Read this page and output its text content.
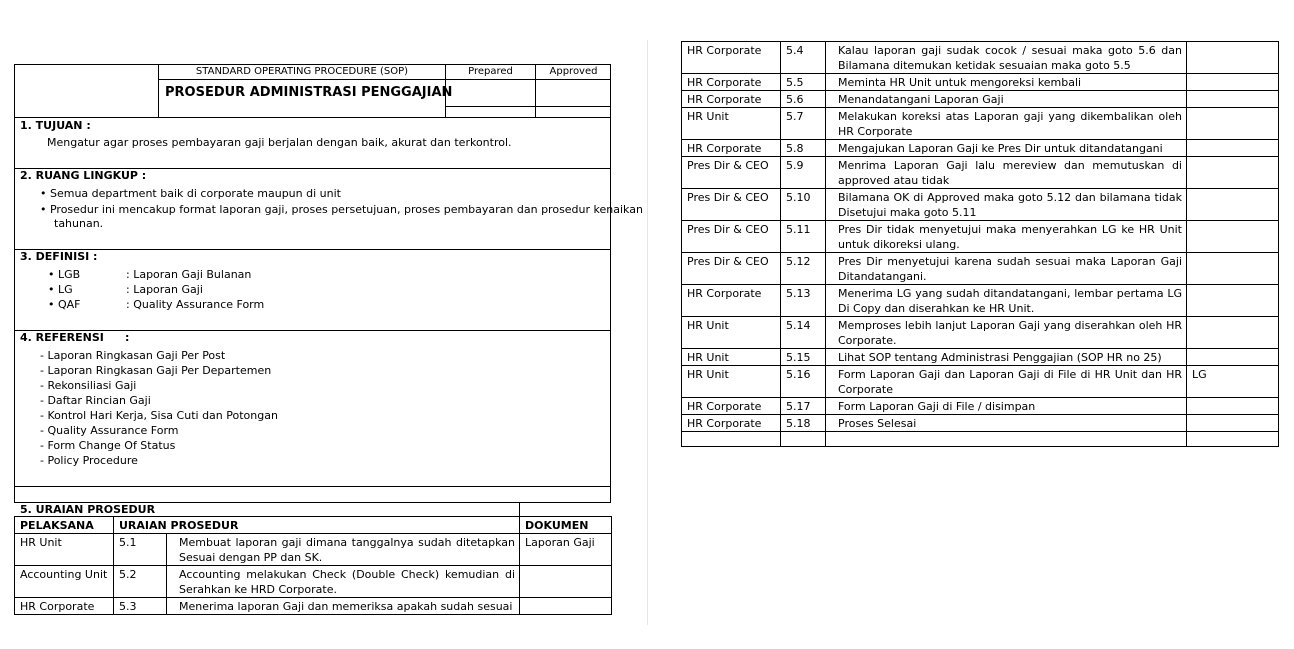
STANDARD OPERATING PROCEDURE (SOP)	Prepared	Approved
PROSEDUR ADMINISTRASI PENGGAJIAN
1. TUJUAN :
Mengatur agar proses pembayaran gaji berjalan dengan baik, akurat dan terkontrol.
2. RUANG LINGKUP :
• Semua department baik di corporate maupun di unit
• Prosedur ini mencakup format laporan gaji, proses persetujuan, proses pembayaran dan prosedur kenaikan
tahunan.
3. DEFINISI :
• LGB	: Laporan Gaji Bulanan
• LG	: Laporan Gaji
• QAF	: Quality Assurance Form
4. REFERENSI :
- Laporan Ringkasan Gaji Per Post
- Laporan Ringkasan Gaji Per Departemen
- Rekonsiliasi Gaji
- Daftar Rincian Gaji
- Kontrol Hari Kerja, Sisa Cuti dan Potongan
- Quality Assurance Form
- Form Change Of Status
- Policy Procedure
5. URAIAN PROSEDUR
PELAKSANA	URAIAN PROSEDUR		DOKUMEN
HR Unit	5.1	Membuat laporan gaji dimana tanggalnya sudah ditetapkan Sesuai dengan PP dan SK.	Laporan Gaji
Accounting Unit	5.2	Accounting melakukan Check (Double Check) kemudian di Serahkan ke HRD Corporate.	
HR Corporate	5.3	Menerima laporan Gaji dan memeriksa apakah sudah sesuai	
HR Corporate	5.4	Kalau laporan gaji sudak cocok / sesuai maka goto 5.6 dan Bilamana ditemukan ketidak sesuaian maka goto 5.5	
HR Corporate	5.5	Meminta HR Unit untuk mengoreksi kembali	
HR Corporate	5.6	Menandatangani Laporan Gaji	
HR Unit	5.7	Melakukan koreksi atas Laporan gaji yang dikembalikan oleh HR Corporate	
HR Corporate	5.8	Mengajukan Laporan Gaji ke Pres Dir untuk ditandatangani	
Pres Dir & CEO	5.9	Menrima Laporan Gaji lalu mereview dan memutuskan di approved atau tidak	
Pres Dir & CEO	5.10	Bilamana OK di Approved maka goto 5.12 dan bilamana tidak Disetujui maka goto 5.11	
Pres Dir & CEO	5.11	Pres Dir tidak menyetujui maka menyerahkan LG ke HR Unit untuk dikoreksi ulang.	
Pres Dir & CEO	5.12	Pres Dir menyetujui karena sudah sesuai maka Laporan Gaji Ditandatangani.	
HR Corporate	5.13	Menerima LG yang sudah ditandatangani, lembar pertama LG Di Copy dan diserahkan ke HR Unit.	
HR Unit	5.14	Memproses lebih lanjut Laporan Gaji yang diserahkan oleh HR Corporate.	
HR Unit	5.15	Lihat SOP tentang Administrasi Penggajian (SOP HR no 25)	
HR Unit	5.16	Form Laporan Gaji dan Laporan Gaji di File di HR Unit dan HR Corporate	LG
HR Corporate	5.17	Form Laporan Gaji di File / disimpan	
HR Corporate	5.18	Proses Selesai	
